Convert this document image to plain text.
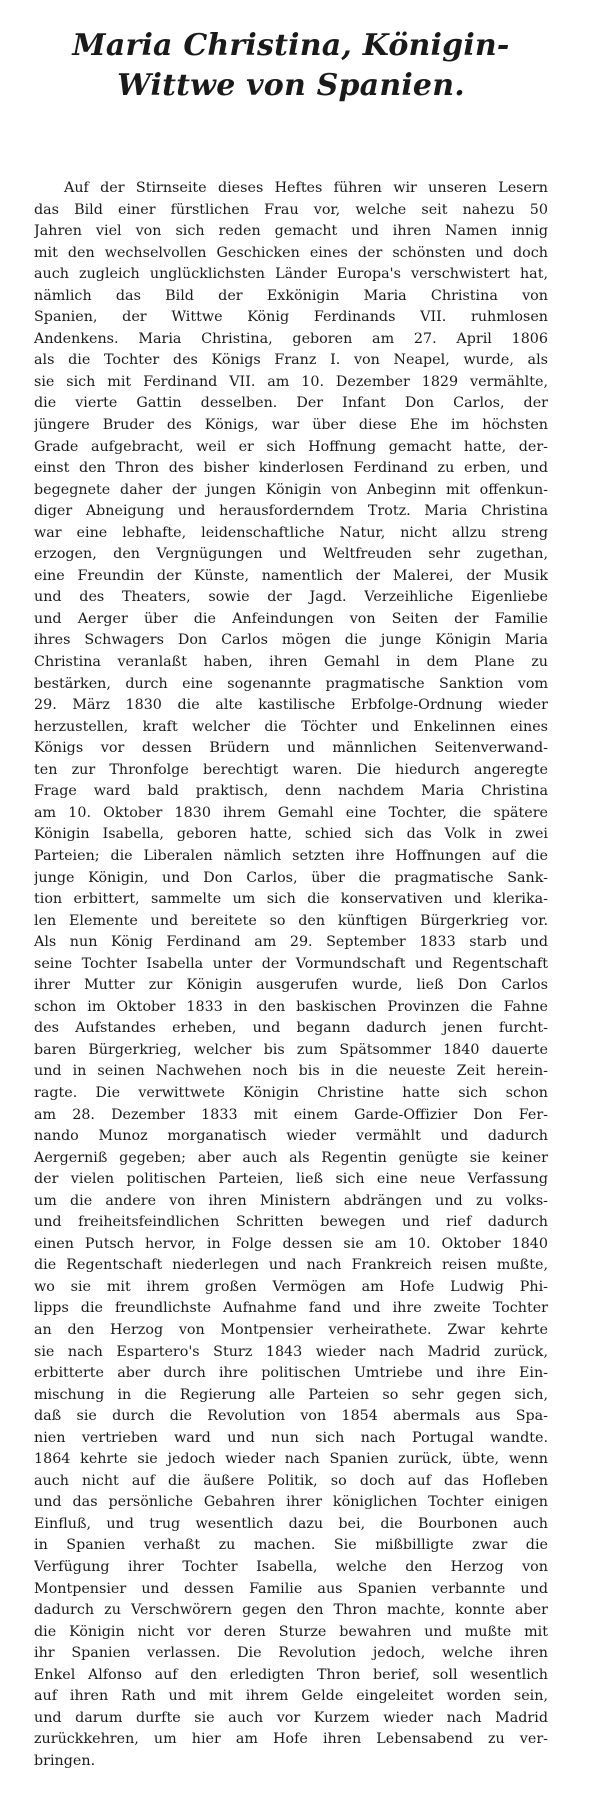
Maria Christina, Königin-Wittwe von Spanien.
Auf der Stirnseite dieses Heftes führen wir unseren Lesern
das Bild einer fürstlichen Frau vor, welche seit nahezu 50
Jahren viel von sich reden gemacht und ihren Namen innig
mit den wechselvollen Geschicken eines der schönsten und doch
auch zugleich unglücklichsten Länder Europa's verschwistert hat,
nämlich das Bild der Exkönigin Maria Christina von
Spanien, der Wittwe König Ferdinands VII. ruhmlosen
Andenkens. Maria Christina, geboren am 27. April 1806
als die Tochter des Königs Franz I. von Neapel, wurde, als
sie sich mit Ferdinand VII. am 10. Dezember 1829 vermählte,
die vierte Gattin desselben. Der Infant Don Carlos, der
jüngere Bruder des Königs, war über diese Ehe im höchsten
Grade aufgebracht, weil er sich Hoffnung gemacht hatte, der-
einst den Thron des bisher kinderlosen Ferdinand zu erben, und
begegnete daher der jungen Königin von Anbeginn mit offenkun-
diger Abneigung und herausforderndem Trotz. Maria Christina
war eine lebhafte, leidenschaftliche Natur, nicht allzu streng
erzogen, den Vergnügungen und Weltfreuden sehr zugethan,
eine Freundin der Künste, namentlich der Malerei, der Musik
und des Theaters, sowie der Jagd. Verzeihliche Eigenliebe
und Aerger über die Anfeindungen von Seiten der Familie
ihres Schwagers Don Carlos mögen die junge Königin Maria
Christina veranlaßt haben, ihren Gemahl in dem Plane zu
bestärken, durch eine sogenannte pragmatische Sanktion vom
29. März 1830 die alte kastilische Erbfolge-Ordnung wieder
herzustellen, kraft welcher die Töchter und Enkelinnen eines
Königs vor dessen Brüdern und männlichen Seitenverwand-
ten zur Thronfolge berechtigt waren. Die hiedurch angeregte
Frage ward bald praktisch, denn nachdem Maria Christina
am 10. Oktober 1830 ihrem Gemahl eine Tochter, die spätere
Königin Isabella, geboren hatte, schied sich das Volk in zwei
Parteien; die Liberalen nämlich setzten ihre Hoffnungen auf die
junge Königin, und Don Carlos, über die pragmatische Sank-
tion erbittert, sammelte um sich die konservativen und klerika-
len Elemente und bereitete so den künftigen Bürgerkrieg vor.
Als nun König Ferdinand am 29. September 1833 starb und
seine Tochter Isabella unter der Vormundschaft und Regentschaft
ihrer Mutter zur Königin ausgerufen wurde, ließ Don Carlos
schon im Oktober 1833 in den baskischen Provinzen die Fahne
des Aufstandes erheben, und begann dadurch jenen furcht-
baren Bürgerkrieg, welcher bis zum Spätsommer 1840 dauerte
und in seinen Nachwehen noch bis in die neueste Zeit herein-
ragte. Die verwittwete Königin Christine hatte sich schon
am 28. Dezember 1833 mit einem Garde-Offizier Don Fer-
nando Munoz morganatisch wieder vermählt und dadurch
Aergerniß gegeben; aber auch als Regentin genügte sie keiner
der vielen politischen Parteien, ließ sich eine neue Verfassung
um die andere von ihren Ministern abdrängen und zu volks-
und freiheitsfeindlichen Schritten bewegen und rief dadurch
einen Putsch hervor, in Folge dessen sie am 10. Oktober 1840
die Regentschaft niederlegen und nach Frankreich reisen mußte,
wo sie mit ihrem großen Vermögen am Hofe Ludwig Phi-
lipps die freundlichste Aufnahme fand und ihre zweite Tochter
an den Herzog von Montpensier verheirathete. Zwar kehrte
sie nach Espartero's Sturz 1843 wieder nach Madrid zurück,
erbitterte aber durch ihre politischen Umtriebe und ihre Ein-
mischung in die Regierung alle Parteien so sehr gegen sich,
daß sie durch die Revolution von 1854 abermals aus Spa-
nien vertrieben ward und nun sich nach Portugal wandte.
1864 kehrte sie jedoch wieder nach Spanien zurück, übte, wenn
auch nicht auf die äußere Politik, so doch auf das Hofleben
und das persönliche Gebahren ihrer königlichen Tochter einigen
Einfluß, und trug wesentlich dazu bei, die Bourbonen auch
in Spanien verhaßt zu machen. Sie mißbilligte zwar die
Verfügung ihrer Tochter Isabella, welche den Herzog von
Montpensier und dessen Familie aus Spanien verbannte und
dadurch zu Verschwörern gegen den Thron machte, konnte aber
die Königin nicht vor deren Sturze bewahren und mußte mit
ihr Spanien verlassen. Die Revolution jedoch, welche ihren
Enkel Alfonso auf den erledigten Thron berief, soll wesentlich
auf ihren Rath und mit ihrem Gelde eingeleitet worden sein,
und darum durfte sie auch vor Kurzem wieder nach Madrid
zurückkehren, um hier am Hofe ihren Lebensabend zu ver-
bringen.
